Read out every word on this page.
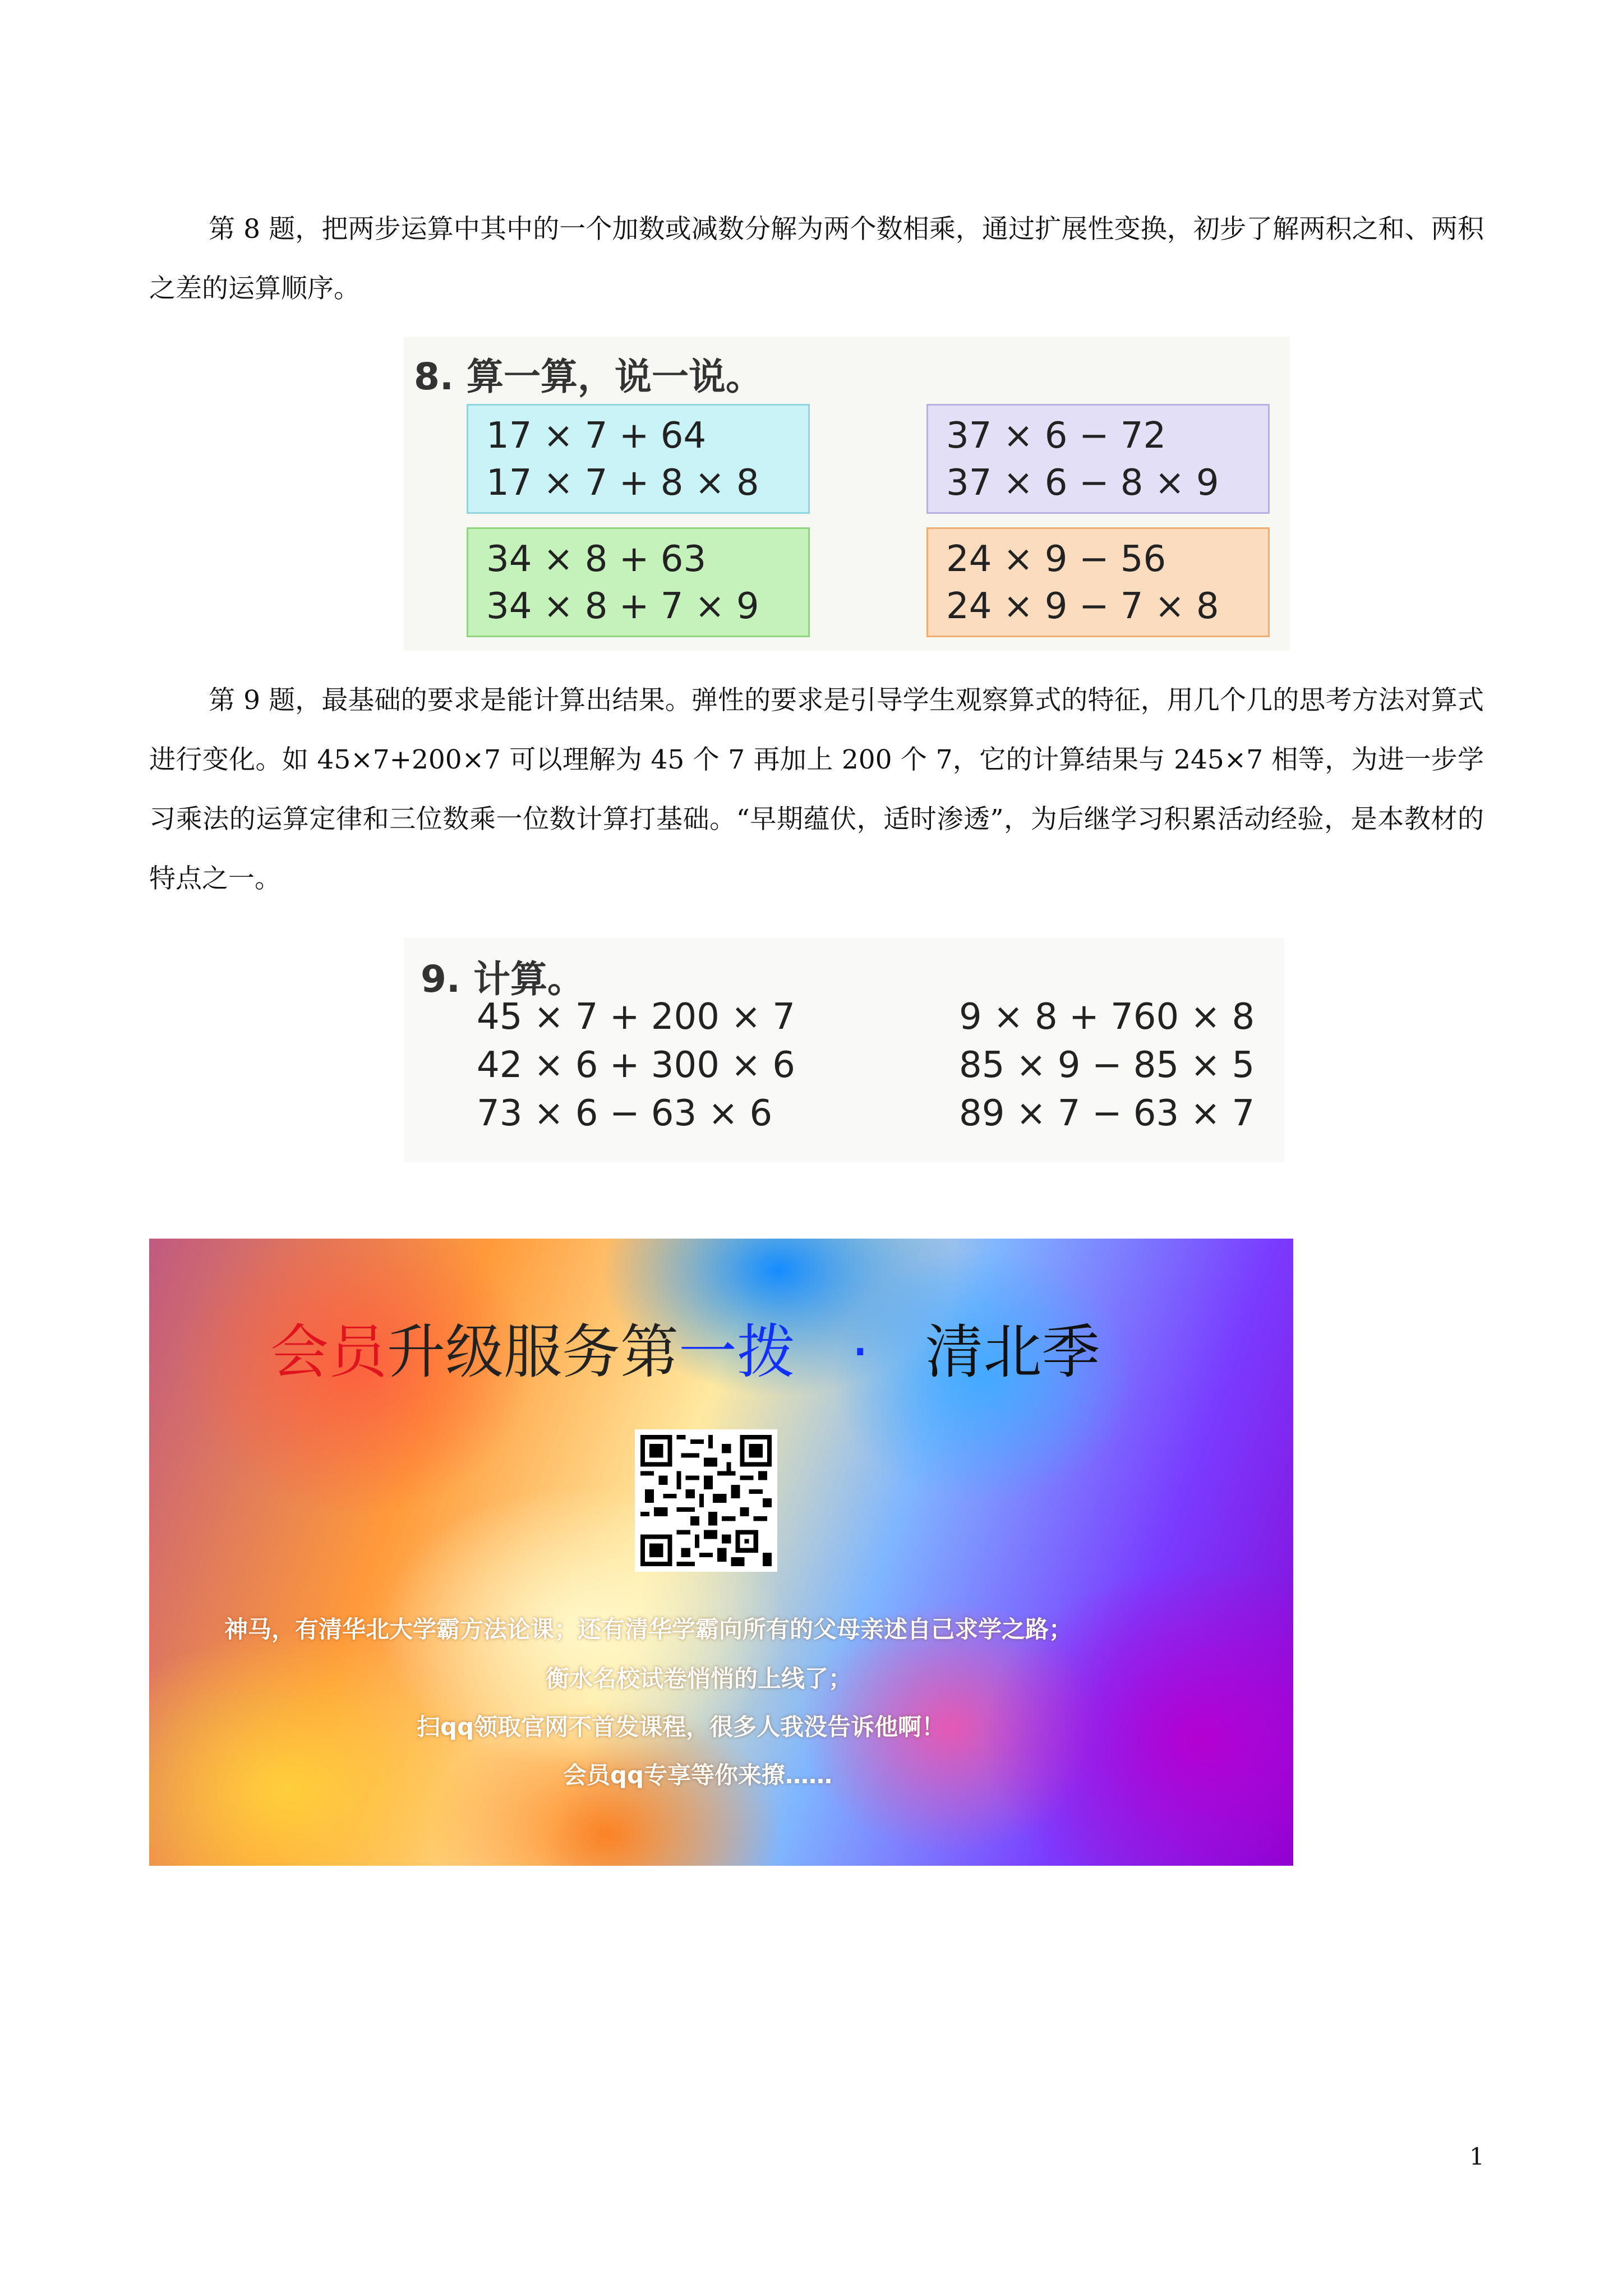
第 8 题，把两步运算中其中的一个加数或减数分解为两个数相乘，通过扩展性变换，初步了解两积之和、两积之差的运算顺序。

8. 算一算，说一说。
17 × 7 + 64
17 × 7 + 8 × 8
37 × 6 − 72
37 × 6 − 8 × 9
34 × 8 + 63
34 × 8 + 7 × 9
24 × 9 − 56
24 × 9 − 7 × 8

第 9 题，最基础的要求是能计算出结果。弹性的要求是引导学生观察算式的特征，用几个几的思考方法对算式进行变化。如 45×7+200×7 可以理解为 45 个 7 再加上 200 个 7，它的计算结果与 245×7 相等，为进一步学习乘法的运算定律和三位数乘一位数计算打基础。“早期蕴伏，适时渗透”，为后继学习积累活动经验，是本教材的特点之一。

9. 计算。
45 × 7 + 200 × 7
42 × 6 + 300 × 6
73 × 6 − 63 × 6
9 × 8 + 760 × 8
85 × 9 − 85 × 5
89 × 7 − 63 × 7
会员升级服务第一拨 · 清北季
神马，有清华北大学霸方法论课；还有清华学霸向所有的父母亲述自己求学之路；
衡水名校试卷悄悄的上线了；
扫qq领取官网不首发课程，很多人我没告诉他啊！
会员qq专享等你来撩……
1
